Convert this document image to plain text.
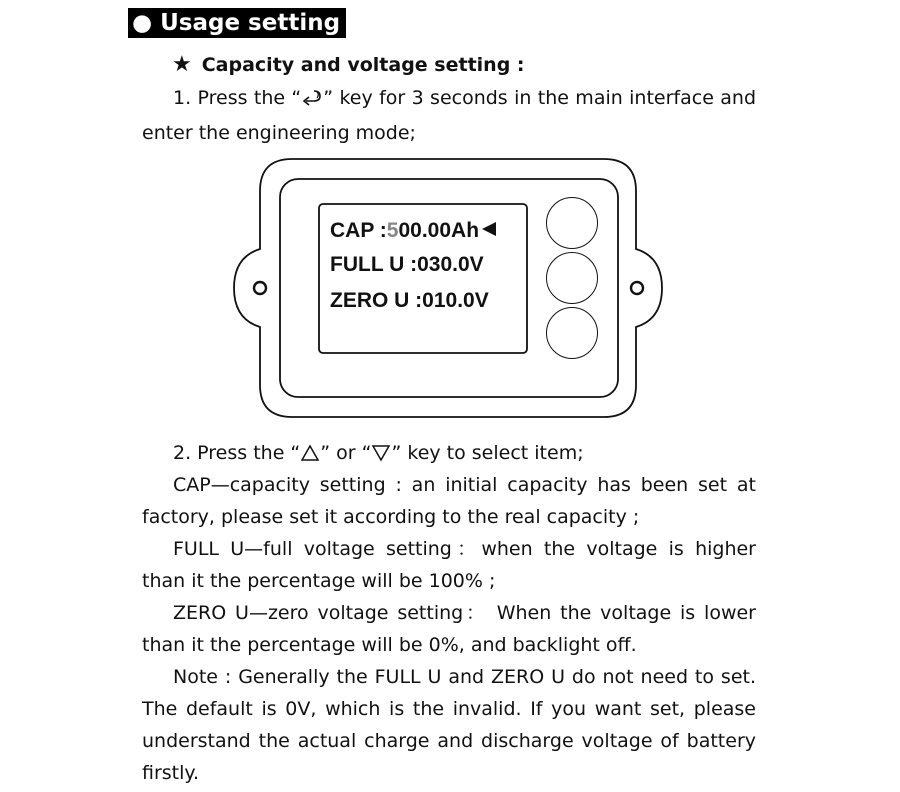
● Usage setting :
★ Capacity and voltage setting :
1. Press the “ ” key for 3 seconds in the main interface and enter the engineering mode;
CAP :500.00Ah
FULL U :030.0V
ZERO U :010.0V
2. Press the “ ” or “ ” key to select item;
CAP—capacity setting : an initial capacity has been set at factory, please set it according to the real capacity ;
FULL U—full voltage setting：when the voltage is higher than it the percentage will be 100% ;
ZERO U—zero voltage setting： When the voltage is lower than it the percentage will be 0%, and backlight off.
Note : Generally the FULL U and ZERO U do not need to set. The default is 0V, which is the invalid. If you want set, please understand the actual charge and discharge voltage of battery firstly.
